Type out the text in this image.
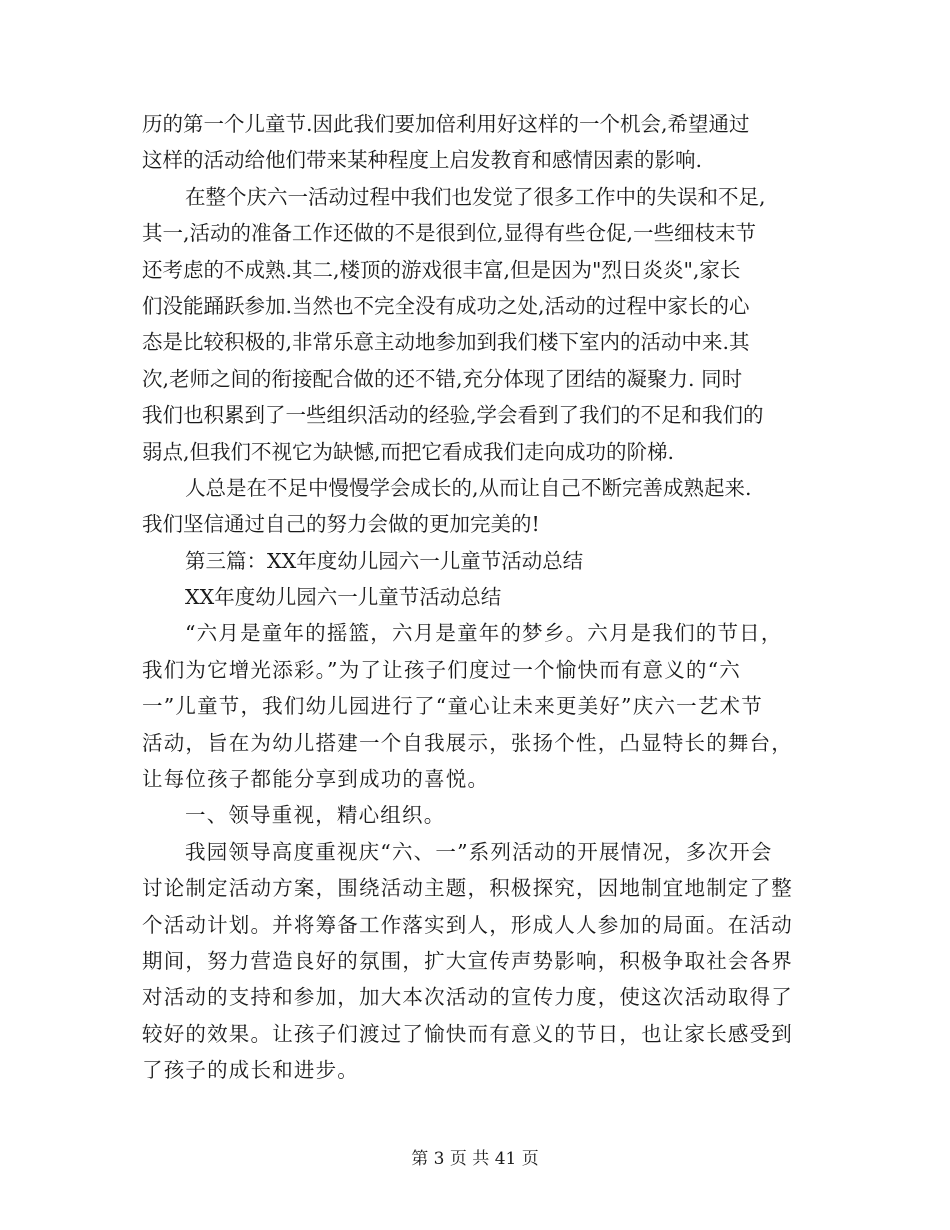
历的第一个儿童节.因此我们要加倍利用好这样的一个机会,希望通过
这样的活动给他们带来某种程度上启发教育和感情因素的影响.
在整个庆六一活动过程中我们也发觉了很多工作中的失误和不足,
其一,活动的准备工作还做的不是很到位,显得有些仓促,一些细枝末节
还考虑的不成熟.其二,楼顶的游戏很丰富,但是因为"烈日炎炎",家长
们没能踊跃参加.当然也不完全没有成功之处,活动的过程中家长的心
态是比较积极的,非常乐意主动地参加到我们楼下室内的活动中来.其
次,老师之间的衔接配合做的还不错,充分体现了团结的凝聚力. 同时
我们也积累到了一些组织活动的经验,学会看到了我们的不足和我们的
弱点,但我们不视它为缺憾,而把它看成我们走向成功的阶梯.
人总是在不足中慢慢学会成长的,从而让自己不断完善成熟起来.
我们坚信通过自己的努力会做的更加完美的!
第三篇：XX年度幼儿园六一儿童节活动总结
XX年度幼儿园六一儿童节活动总结
“六月是童年的摇篮，六月是童年的梦乡。六月是我们的节日，
我们为它增光添彩。”为了让孩子们度过一个愉快而有意义的“六
一”儿童节，我们幼儿园进行了“童心让未来更美好”庆六一艺术节
活动，旨在为幼儿搭建一个自我展示，张扬个性，凸显特长的舞台，
让每位孩子都能分享到成功的喜悦。
一、领导重视，精心组织。
我园领导高度重视庆“六、一”系列活动的开展情况，多次开会
讨论制定活动方案，围绕活动主题，积极探究，因地制宜地制定了整
个活动计划。并将筹备工作落实到人，形成人人参加的局面。在活动
期间，努力营造良好的氛围，扩大宣传声势影响，积极争取社会各界
对活动的支持和参加，加大本次活动的宣传力度，使这次活动取得了
较好的效果。让孩子们渡过了愉快而有意义的节日，也让家长感受到
了孩子的成长和进步。
第 3 页 共 41 页
